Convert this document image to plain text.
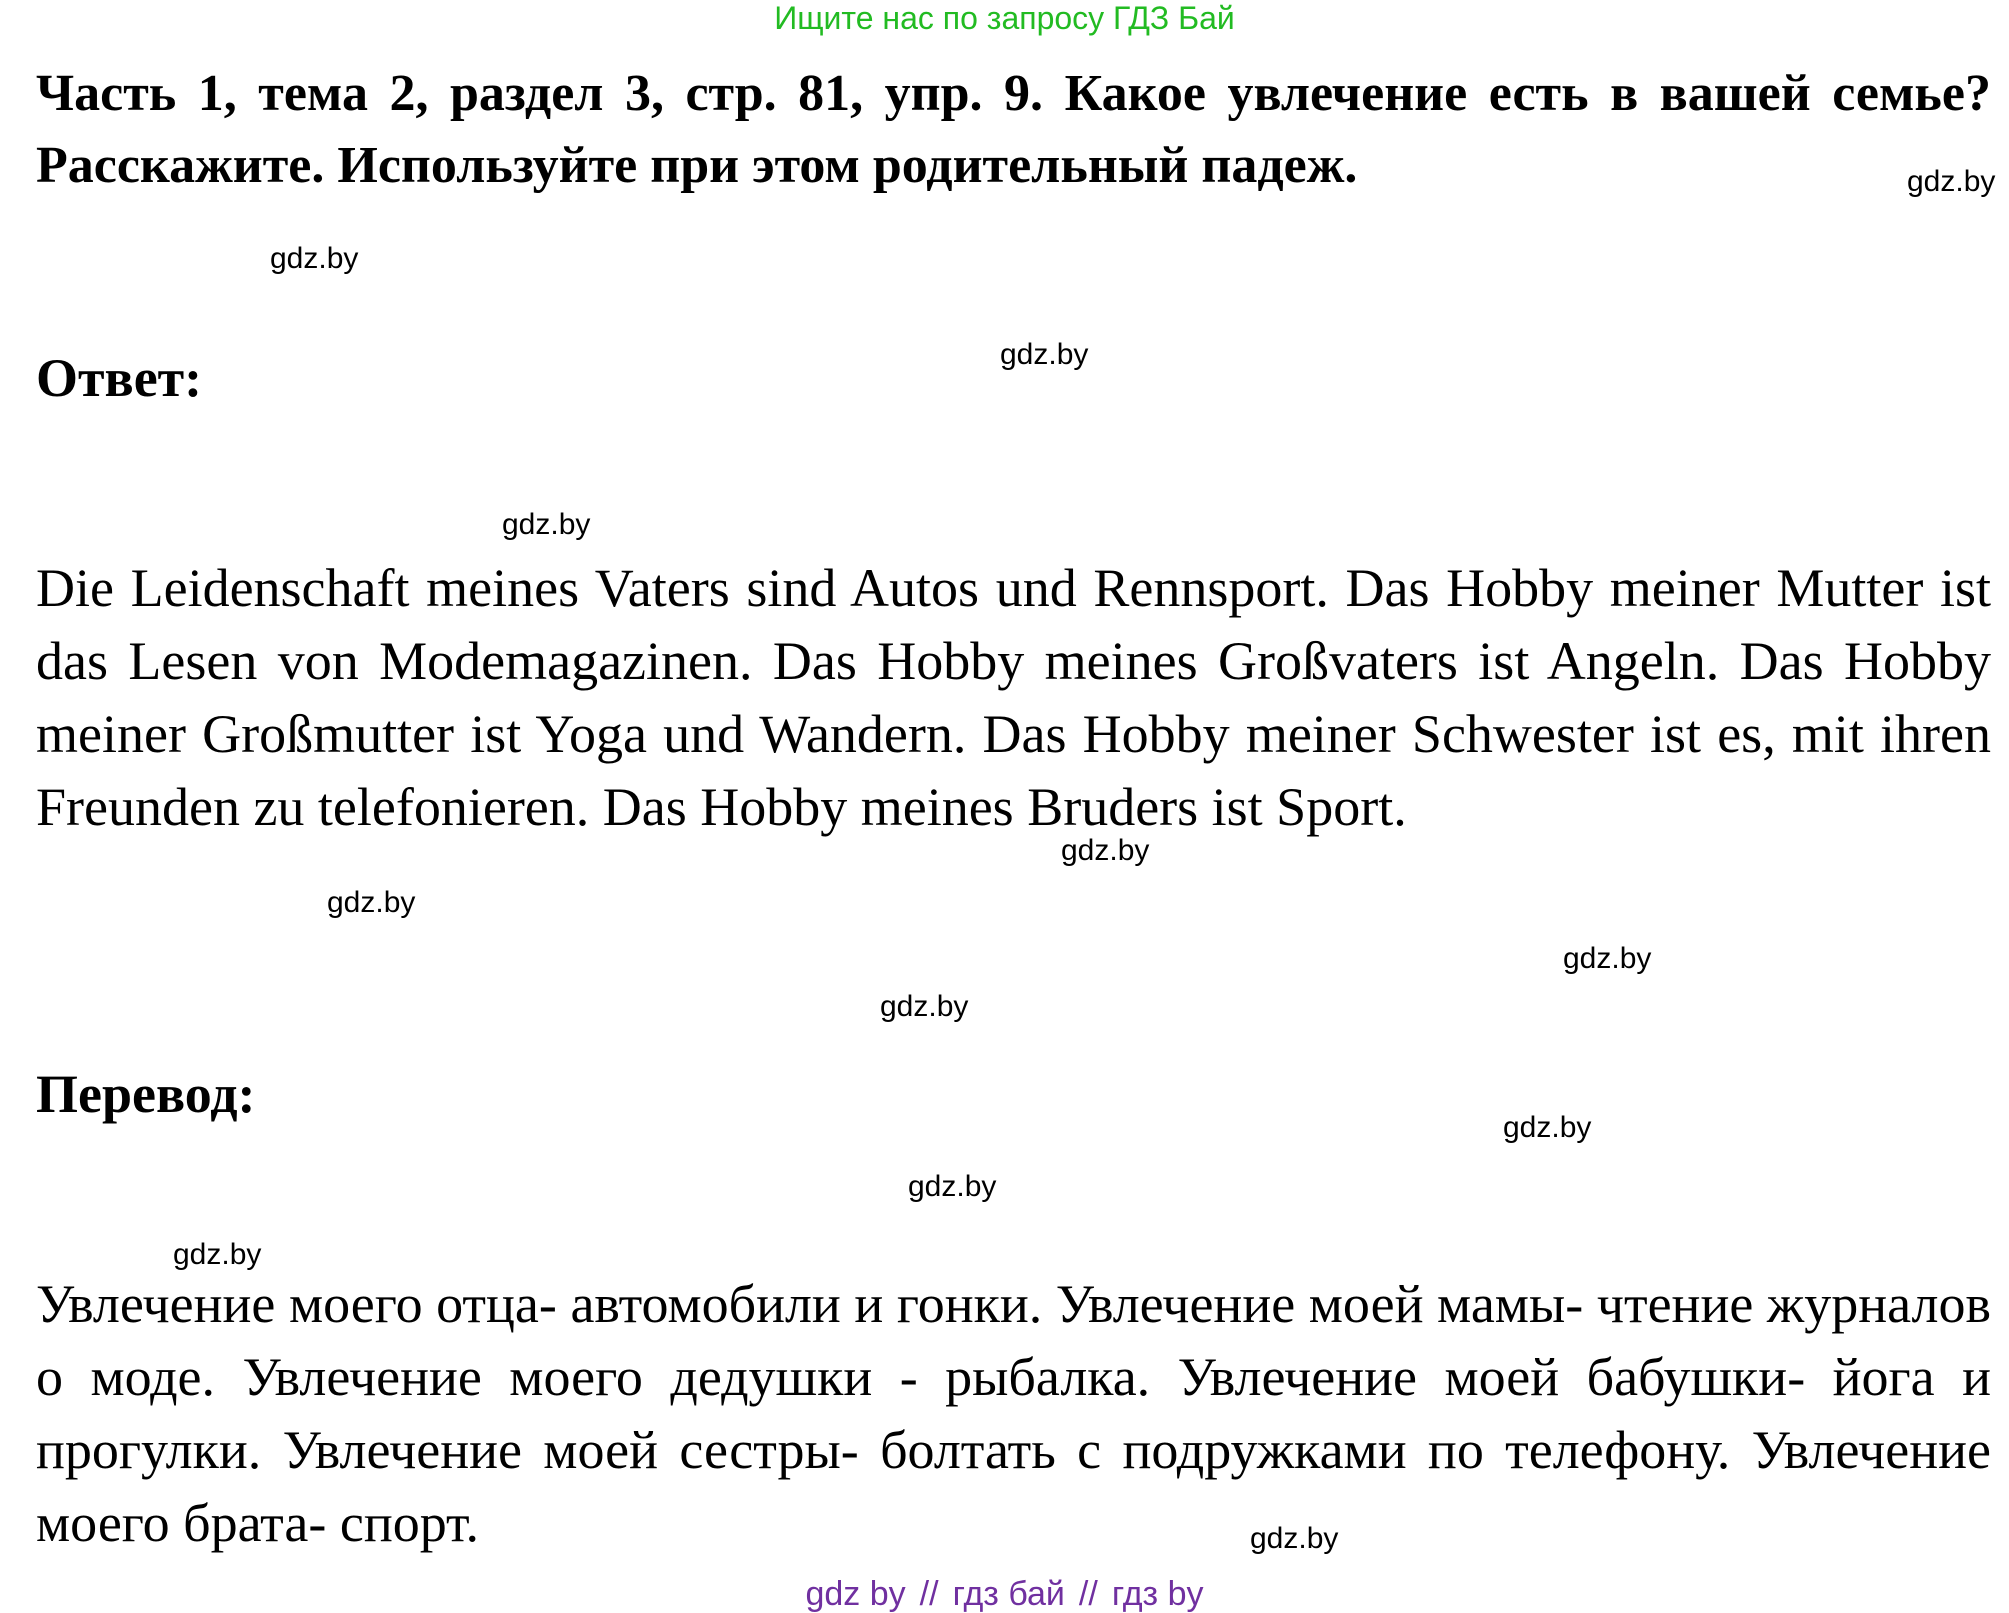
Ищите нас по запросу ГДЗ Бай

Часть 1, тема 2, раздел 3, стр. 81, упр. 9. Какое увлечение есть в вашей семье? Расскажите. Используйте при этом родительный падеж.

Ответ:

Die Leidenschaft meines Vaters sind Autos und Rennsport. Das Hobby meiner Mutter ist das Lesen von Modemagazinen. Das Hobby meines Großvaters ist Angeln. Das Hobby meiner Großmutter ist Yoga und Wandern. Das Hobby meiner Schwester ist es, mit ihren Freunden zu telefonieren. Das Hobby meines Bruders ist Sport.

Перевод:

Увлечение моего отца- автомобили и гонки. Увлечение моей мамы- чтение журналов о моде. Увлечение моего дедушки - рыбалка. Увлечение моей бабушки- йога и прогулки. Увлечение моей сестры- болтать с подружками по телефону. Увлечение моего брата- спорт.

gdz.by
gdz.by
gdz.by
gdz.by
gdz.by
gdz.by
gdz.by
gdz.by
gdz.by
gdz.by
gdz.by
gdz.by
gdz by // гдз бай // гдз by
